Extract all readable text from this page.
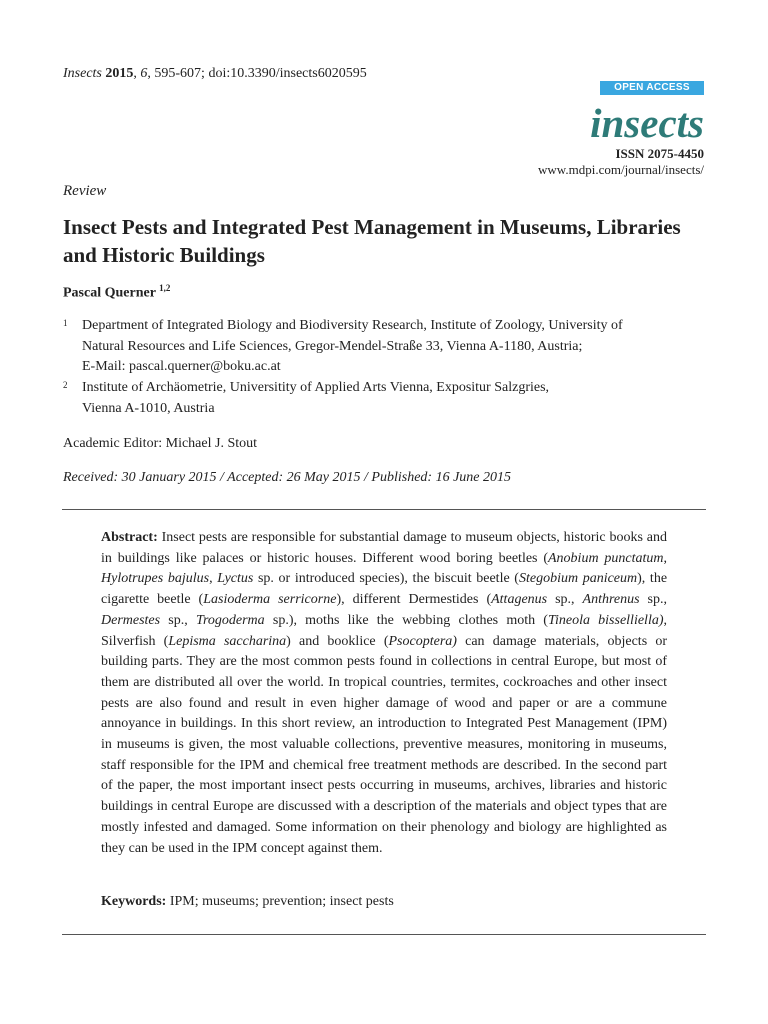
Insects 2015, 6, 595-607; doi:10.3390/insects6020595
OPEN ACCESS
insects
ISSN 2075-4450
www.mdpi.com/journal/insects/
Review
Insect Pests and Integrated Pest Management in Museums, Libraries and Historic Buildings
Pascal Querner $^{1,2}$
1 Department of Integrated Biology and Biodiversity Research, Institute of Zoology, University of
Natural Resources and Life Sciences, Gregor-Mendel-Straße 33, Vienna A-1180, Austria;
E-Mail: pascal.querner@boku.ac.at
2 Institute of Archäometrie, Universitity of Applied Arts Vienna, Expositur Salzgries,
Vienna A-1010, Austria
Academic Editor: Michael J. Stout
Received: 30 January 2015 / Accepted: 26 May 2015 / Published: 16 June 2015
Abstract: Insect pests are responsible for substantial damage to museum objects, historic books and in buildings like palaces or historic houses. Different wood boring beetles (Anobium punctatum, Hylotrupes bajulus, Lyctus sp. or introduced species), the biscuit beetle (Stegobium paniceum), the cigarette beetle (Lasioderma serricorne), different Dermestides (Attagenus sp., Anthrenus sp., Dermestes sp., Trogoderma sp.), moths like the webbing clothes moth (Tineola bisselliella), Silverfish (Lepisma saccharina) and booklice (Psocoptera) can damage materials, objects or building parts. They are the most common pests found in collections in central Europe, but most of them are distributed all over the world. In tropical countries, termites, cockroaches and other insect pests are also found and result in even higher damage of wood and paper or are a commune annoyance in buildings. In this short review, an introduction to Integrated Pest Management (IPM) in museums is given, the most valuable collections, preventive measures, monitoring in museums, staff responsible for the IPM and chemical free treatment methods are described. In the second part of the paper, the most important insect pests occurring in museums, archives, libraries and historic buildings in central Europe are discussed with a description of the materials and object types that are mostly infested and damaged. Some information on their phenology and biology are highlighted as they can be used in the IPM concept against them.
Keywords: IPM; museums; prevention; insect pests
